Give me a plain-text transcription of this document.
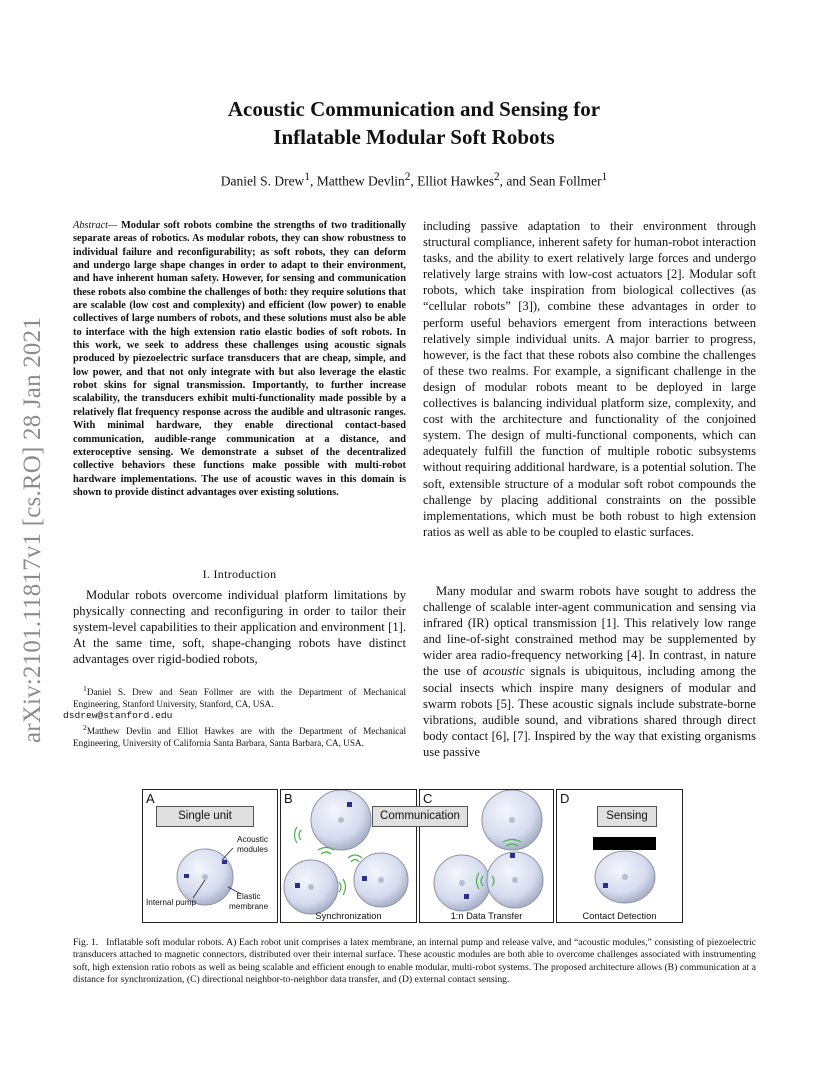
arXiv:2101.11817v1 [cs.RO] 28 Jan 2021
Acoustic Communication and Sensing for
Inflatable Modular Soft Robots
Daniel S. Drew$^1$, Matthew Devlin$^2$, Elliot Hawkes$^2$, and Sean Follmer$^1$

Abstract— Modular soft robots combine the strengths of two traditionally separate areas of robotics. As modular robots, they can show robustness to individual failure and reconfigurability; as soft robots, they can deform and undergo large shape changes in order to adapt to their environment, and have inherent human safety. However, for sensing and communication these robots also combine the challenges of both: they require solutions that are scalable (low cost and complexity) and efficient (low power) to enable collectives of large numbers of robots, and these solutions must also be able to interface with the high extension ratio elastic bodies of soft robots. In this work, we seek to address these challenges using acoustic signals produced by piezoelectric surface transducers that are cheap, simple, and low power, and that not only integrate with but also leverage the elastic robot skins for signal transmission. Importantly, to further increase scalability, the transducers exhibit multi-functionality made possible by a relatively flat frequency response across the audible and ultrasonic ranges. With minimal hardware, they enable directional contact-based communication, audible-range communication at a distance, and exteroceptive sensing. We demonstrate a subset of the decentralized collective behaviors these functions make possible with multi-robot hardware implementations. The use of acoustic waves in this domain is shown to provide distinct advantages over existing solutions.

I. Introduction

Modular robots overcome individual platform limitations by physically connecting and reconfiguring in order to tailor their system-level capabilities to their application and environment [1]. At the same time, soft, shape-changing robots have distinct advantages over rigid-bodied robots,

$^1$Daniel S. Drew and Sean Follmer are with the Department of Mechanical Engineering, Stanford University, Stanford, CA, USA.
dsdrew@stanford.edu

$^2$Matthew Devlin and Elliot Hawkes are with the Department of Mechanical Engineering, University of California Santa Barbara, Santa Barbara, CA, USA.

including passive adaptation to their environment through structural compliance, inherent safety for human-robot interaction tasks, and the ability to exert relatively large forces and undergo relatively large strains with low-cost actuators [2]. Modular soft robots, which take inspiration from biological collectives (as “cellular robots” [3]), combine these advantages in order to perform useful behaviors emergent from interactions between relatively simple individual units. A major barrier to progress, however, is the fact that these robots also combine the challenges of these two realms. For example, a significant challenge in the design of modular robots meant to be deployed in large collectives is balancing individual platform size, complexity, and cost with the architecture and functionality of the conjoined system. The design of multi-functional components, which can adequately fulfill the function of multiple robotic subsystems without requiring additional hardware, is a potential solution. The soft, extensible structure of a modular soft robot compounds the challenge by placing additional constraints on the possible implementations, which must be both robust to high extension ratios as well as able to be coupled to elastic surfaces.

Many modular and swarm robots have sought to address the challenge of scalable inter-agent communication and sensing via infrared (IR) optical transmission [1]. This relatively low range and line-of-sight constrained method may be supplemented by wider area radio-frequency networking [4]. In contrast, in nature the use of acoustic signals is ubiquitous, including among the social insects which inspire many designers of modular and swarm robots [5]. These acoustic signals include substrate-borne vibrations, audible sound, and vibrations shared through direct body contact [6], [7]. Inspired by the way that existing organisms use passive

A
Single unit
Acoustic
modules
Internal pump
Elastic
membrane
B
Synchronization
Communication
C
1:n Data Transfer
D
Sensing
Contact Detection

Fig. 1. Inflatable soft modular robots. A) Each robot unit comprises a latex membrane, an internal pump and release valve, and “acoustic modules,” consisting of piezoelectric transducers attached to magnetic connectors, distributed over their internal surface. These acoustic modules are both able to overcome challenges associated with instrumenting soft, high extension ratio robots as well as being scalable and efficient enough to enable modular, multi-robot systems. The proposed architecture allows (B) communication at a distance for synchronization, (C) directional neighbor-to-neighbor data transfer, and (D) external contact sensing.
